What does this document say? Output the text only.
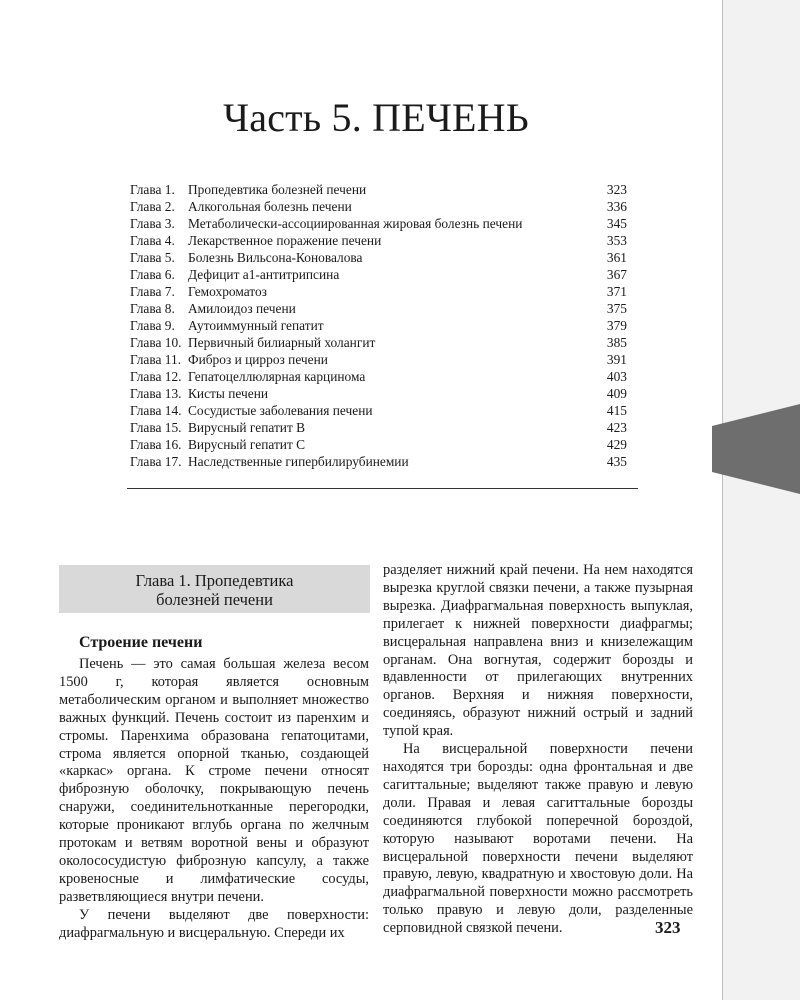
Часть 5. ПЕЧЕНЬ
Глава 1. Пропедевтика болезней печени	323
Глава 2. Алкогольная болезнь печени	336
Глава 3. Метаболически-ассоциированная жировая болезнь печени	345
Глава 4. Лекарственное поражение печени	353
Глава 5. Болезнь Вильсона-Коновалова	361
Глава 6. Дефицит а1-антитрипсина	367
Глава 7. Гемохроматоз	371
Глава 8. Амилоидоз печени	375
Глава 9. Аутоиммунный гепатит	379
Глава 10. Первичный билиарный холангит	385
Глава 11. Фиброз и цирроз печени	391
Глава 12. Гепатоцеллюлярная карцинома	403
Глава 13. Кисты печени	409
Глава 14. Сосудистые заболевания печени	415
Глава 15. Вирусный гепатит В	423
Глава 16. Вирусный гепатит С	429
Глава 17. Наследственные гипербилирубинемии	435
Глава 1. Пропедевтика
болезней печени
Строение печени

Печень — это самая большая железа весом 1500 г, которая является основным метаболическим органом и выполняет множество важных функций. Печень состоит из паренхим и стромы. Паренхима образована гепатоцитами, строма является опорной тканью, создающей «каркас» органа. К строме печени относят фиброзную оболочку, покрывающую печень снаружи, соединительнотканные перегородки, которые проникают вглубь органа по желчным протокам и ветвям воротной вены и образуют околососудистую фиброзную капсулу, а также кровеносные и лимфатические сосуды, разветвляющиеся внутри печени.

У печени выделяют две поверхности: диафрагмальную и висцеральную. Спереди их

разделяет нижний край печени. На нем находятся вырезка круглой связки печени, а также пузырная вырезка. Диафрагмальная поверхность выпуклая, прилегает к нижней поверхности диафрагмы; висцеральная направлена вниз и книзележащим органам. Она вогнутая, содержит борозды и вдавленности от прилегающих внутренних органов. Верхняя и нижняя поверхности, соединяясь, образуют нижний острый и задний тупой края.

На висцеральной поверхности печени находятся три борозды: одна фронтальная и две сагиттальные; выделяют также правую и левую доли. Правая и левая сагиттальные борозды соединяются глубокой поперечной бороздой, которую называют воротами печени. На висцеральной поверхности печени выделяют правую, левую, квадратную и хвостовую доли. На диафрагмальной поверхности можно рассмотреть только правую и левую доли, разделенные серповидной связкой печени.	323
